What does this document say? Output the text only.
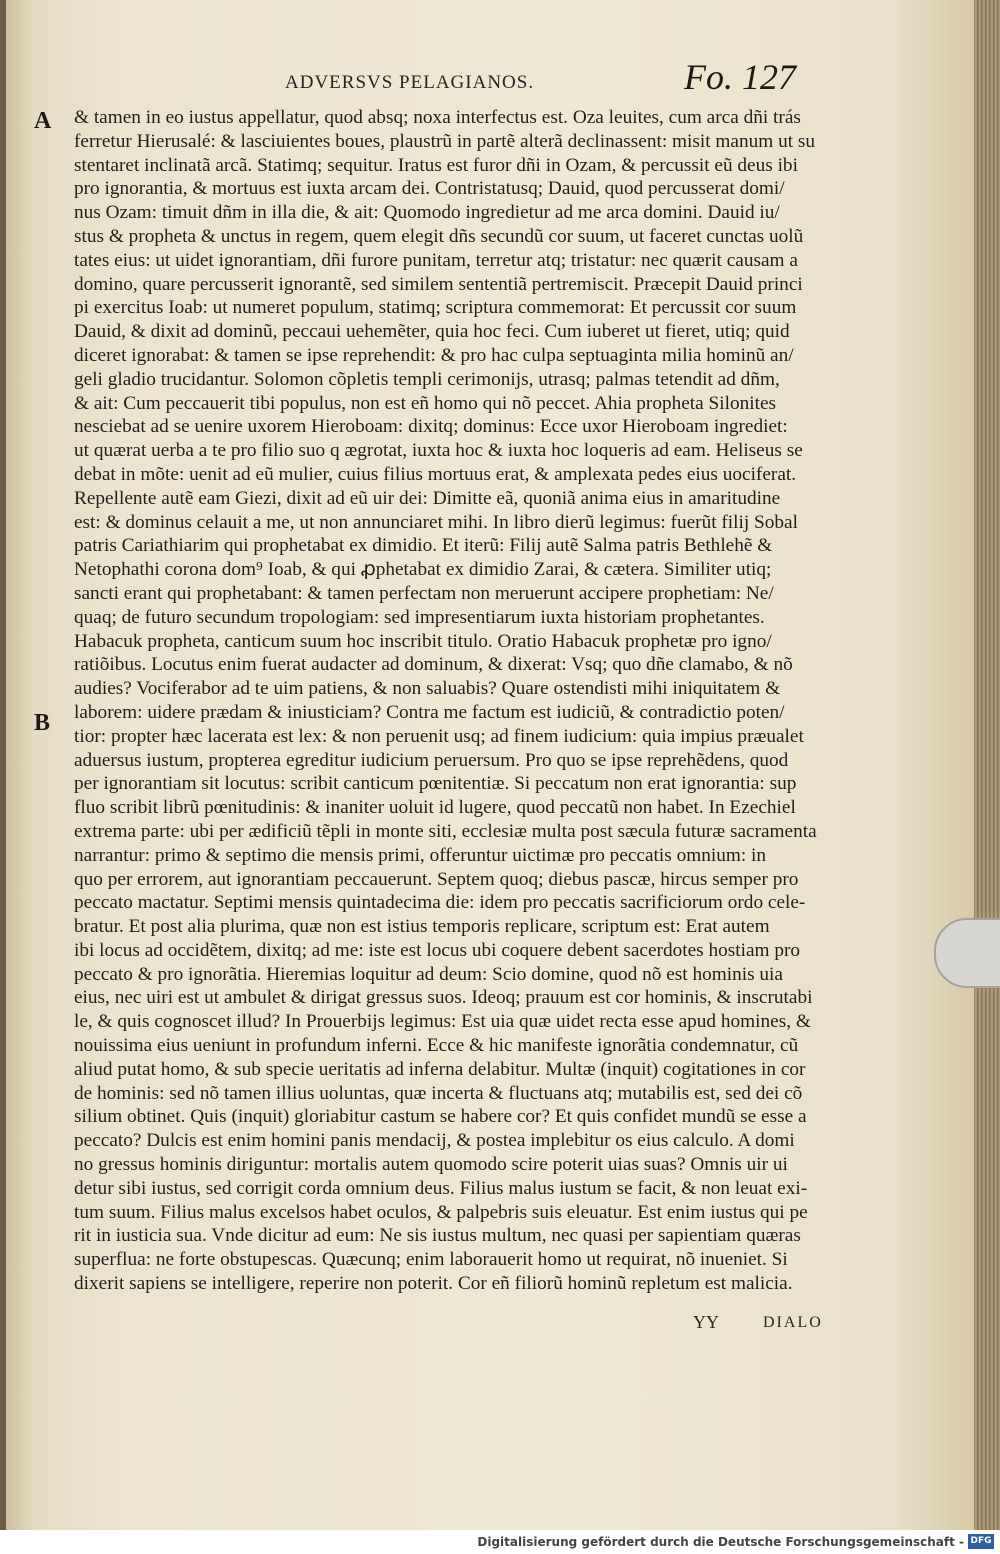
ADVERSVS PELAGIANOS.	Fo. 127
A
B
& tamen in eo iustus appellatur, quod absq; noxa interfectus est. Oza leuites, cum arca dñi trás
ferretur Hierusalé: & lasciuientes boues, plaustrũ in partẽ alterã declinassent: misit manum ut su
stentaret inclinatã arcã. Statimq; sequitur. Iratus est furor dñi in Ozam, & percussit eũ deus ibi
pro ignorantia, & mortuus est iuxta arcam dei. Contristatusq; Dauid, quod percusserat domi/
nus Ozam: timuit dñm in illa die, & ait: Quomodo ingredietur ad me arca domini. Dauid iu/
stus & propheta & unctus in regem, quem elegit dñs secundũ cor suum, ut faceret cunctas uolũ
tates eius: ut uidet ignorantiam, dñi furore punitam, terretur atq; tristatur: nec quærit causam a
domino, quare percusserit ignorantẽ, sed similem sententiã pertremiscit. Præcepit Dauid princi
pi exercitus Ioab: ut numeret populum, statimq; scriptura commemorat: Et percussit cor suum
Dauid, & dixit ad dominũ, peccaui uehemẽter, quia hoc feci. Cum iuberet ut fieret, utiq; quid
diceret ignorabat: & tamen se ipse reprehendit: & pro hac culpa septuaginta milia hominũ an/
geli gladio trucidantur. Solomon cõpletis templi cerimonijs, utrasq; palmas tetendit ad dñm,
& ait: Cum peccauerit tibi populus, non est eñ homo qui nõ peccet. Ahia propheta Silonites
nesciebat ad se uenire uxorem Hieroboam: dixitq; dominus: Ecce uxor Hieroboam ingrediet:
ut quærat uerba a te pro filio suo q ægrotat, iuxta hoc & iuxta hoc loqueris ad eam. Heliseus se
debat in mõte: uenit ad eũ mulier, cuius filius mortuus erat, & amplexata pedes eius uociferat.
Repellente autẽ eam Giezi, dixit ad eũ uir dei: Dimitte eã, quoniã anima eius in amaritudine
est: & dominus celauit a me, ut non annunciaret mihi. In libro dierũ legimus: fuerũt filij Sobal
patris Cariathiarim qui prophetabat ex dimidio. Et iterũ: Filij autẽ Salma patris Bethlehẽ &
Netophathi corona dom⁹ Ioab, & qui ꝓphetabat ex dimidio Zarai, & cætera. Similiter utiq;
sancti erant qui prophetabant: & tamen perfectam non meruerunt accipere prophetiam: Ne/
quaq; de futuro secundum tropologiam: sed impresentiarum iuxta historiam prophetantes.
Habacuk propheta, canticum suum hoc inscribit titulo. Oratio Habacuk prophetæ pro igno/
ratiõibus. Locutus enim fuerat audacter ad dominum, & dixerat: Vsq; quo dñe clamabo, & nõ
audies? Vociferabor ad te uim patiens, & non saluabis? Quare ostendisti mihi iniquitatem &
laborem: uidere prædam & iniusticiam? Contra me factum est iudiciũ, & contradictio poten/
tior: propter hæc lacerata est lex: & non peruenit usq; ad finem iudicium: quia impius præualet
aduersus iustum, propterea egreditur iudicium peruersum. Pro quo se ipse reprehẽdens, quod
per ignorantiam sit locutus: scribit canticum pœnitentiæ. Si peccatum non erat ignorantia: sup
fluo scribit librũ pœnitudinis: & inaniter uoluit id lugere, quod peccatũ non habet. In Ezechiel
extrema parte: ubi per ædificiũ tẽpli in monte siti, ecclesiæ multa post sæcula futuræ sacramenta
narrantur: primo & septimo die mensis primi, offeruntur uictimæ pro peccatis omnium: in
quo per errorem, aut ignorantiam peccauerunt. Septem quoq; diebus pascæ, hircus semper pro
peccato mactatur. Septimi mensis quintadecima die: idem pro peccatis sacrificiorum ordo cele-
bratur. Et post alia plurima, quæ non est istius temporis replicare, scriptum est: Erat autem
ibi locus ad occidẽtem, dixitq; ad me: iste est locus ubi coquere debent sacerdotes hostiam pro
peccato & pro ignorãtia. Hieremias loquitur ad deum: Scio domine, quod nõ est hominis uia
eius, nec uiri est ut ambulet & dirigat gressus suos. Ideoq; prauum est cor hominis, & inscrutabi
le, & quis cognoscet illud? In Prouerbijs legimus: Est uia quæ uidet recta esse apud homines, &
nouissima eius ueniunt in profundum inferni. Ecce & hic manifeste ignorãtia condemnatur, cũ
aliud putat homo, & sub specie ueritatis ad inferna delabitur. Multæ (inquit) cogitationes in cor
de hominis: sed nõ tamen illius uoluntas, quæ incerta & fluctuans atq; mutabilis est, sed dei cõ
silium obtinet. Quis (inquit) gloriabitur castum se habere cor? Et quis confidet mundũ se esse a
peccato? Dulcis est enim homini panis mendacij, & postea implebitur os eius calculo. A domi
no gressus hominis diriguntur: mortalis autem quomodo scire poterit uias suas? Omnis uir ui
detur sibi iustus, sed corrigit corda omnium deus. Filius malus iustum se facit, & non leuat exi-
tum suum. Filius malus excelsos habet oculos, & palpebris suis eleuatur. Est enim iustus qui pe
rit in iusticia sua. Vnde dicitur ad eum: Ne sis iustus multum, nec quasi per sapientiam quæras
superflua: ne forte obstupescas. Quæcunq; enim laborauerit homo ut requirat, nõ inueniet. Si
dixerit sapiens se intelligere, reperire non poterit. Cor eñ filiorũ hominũ repletum est malicia.
YY	DIALO
Digitalisierung gefördert durch die Deutsche Forschungsgemeinschaft - DFG
